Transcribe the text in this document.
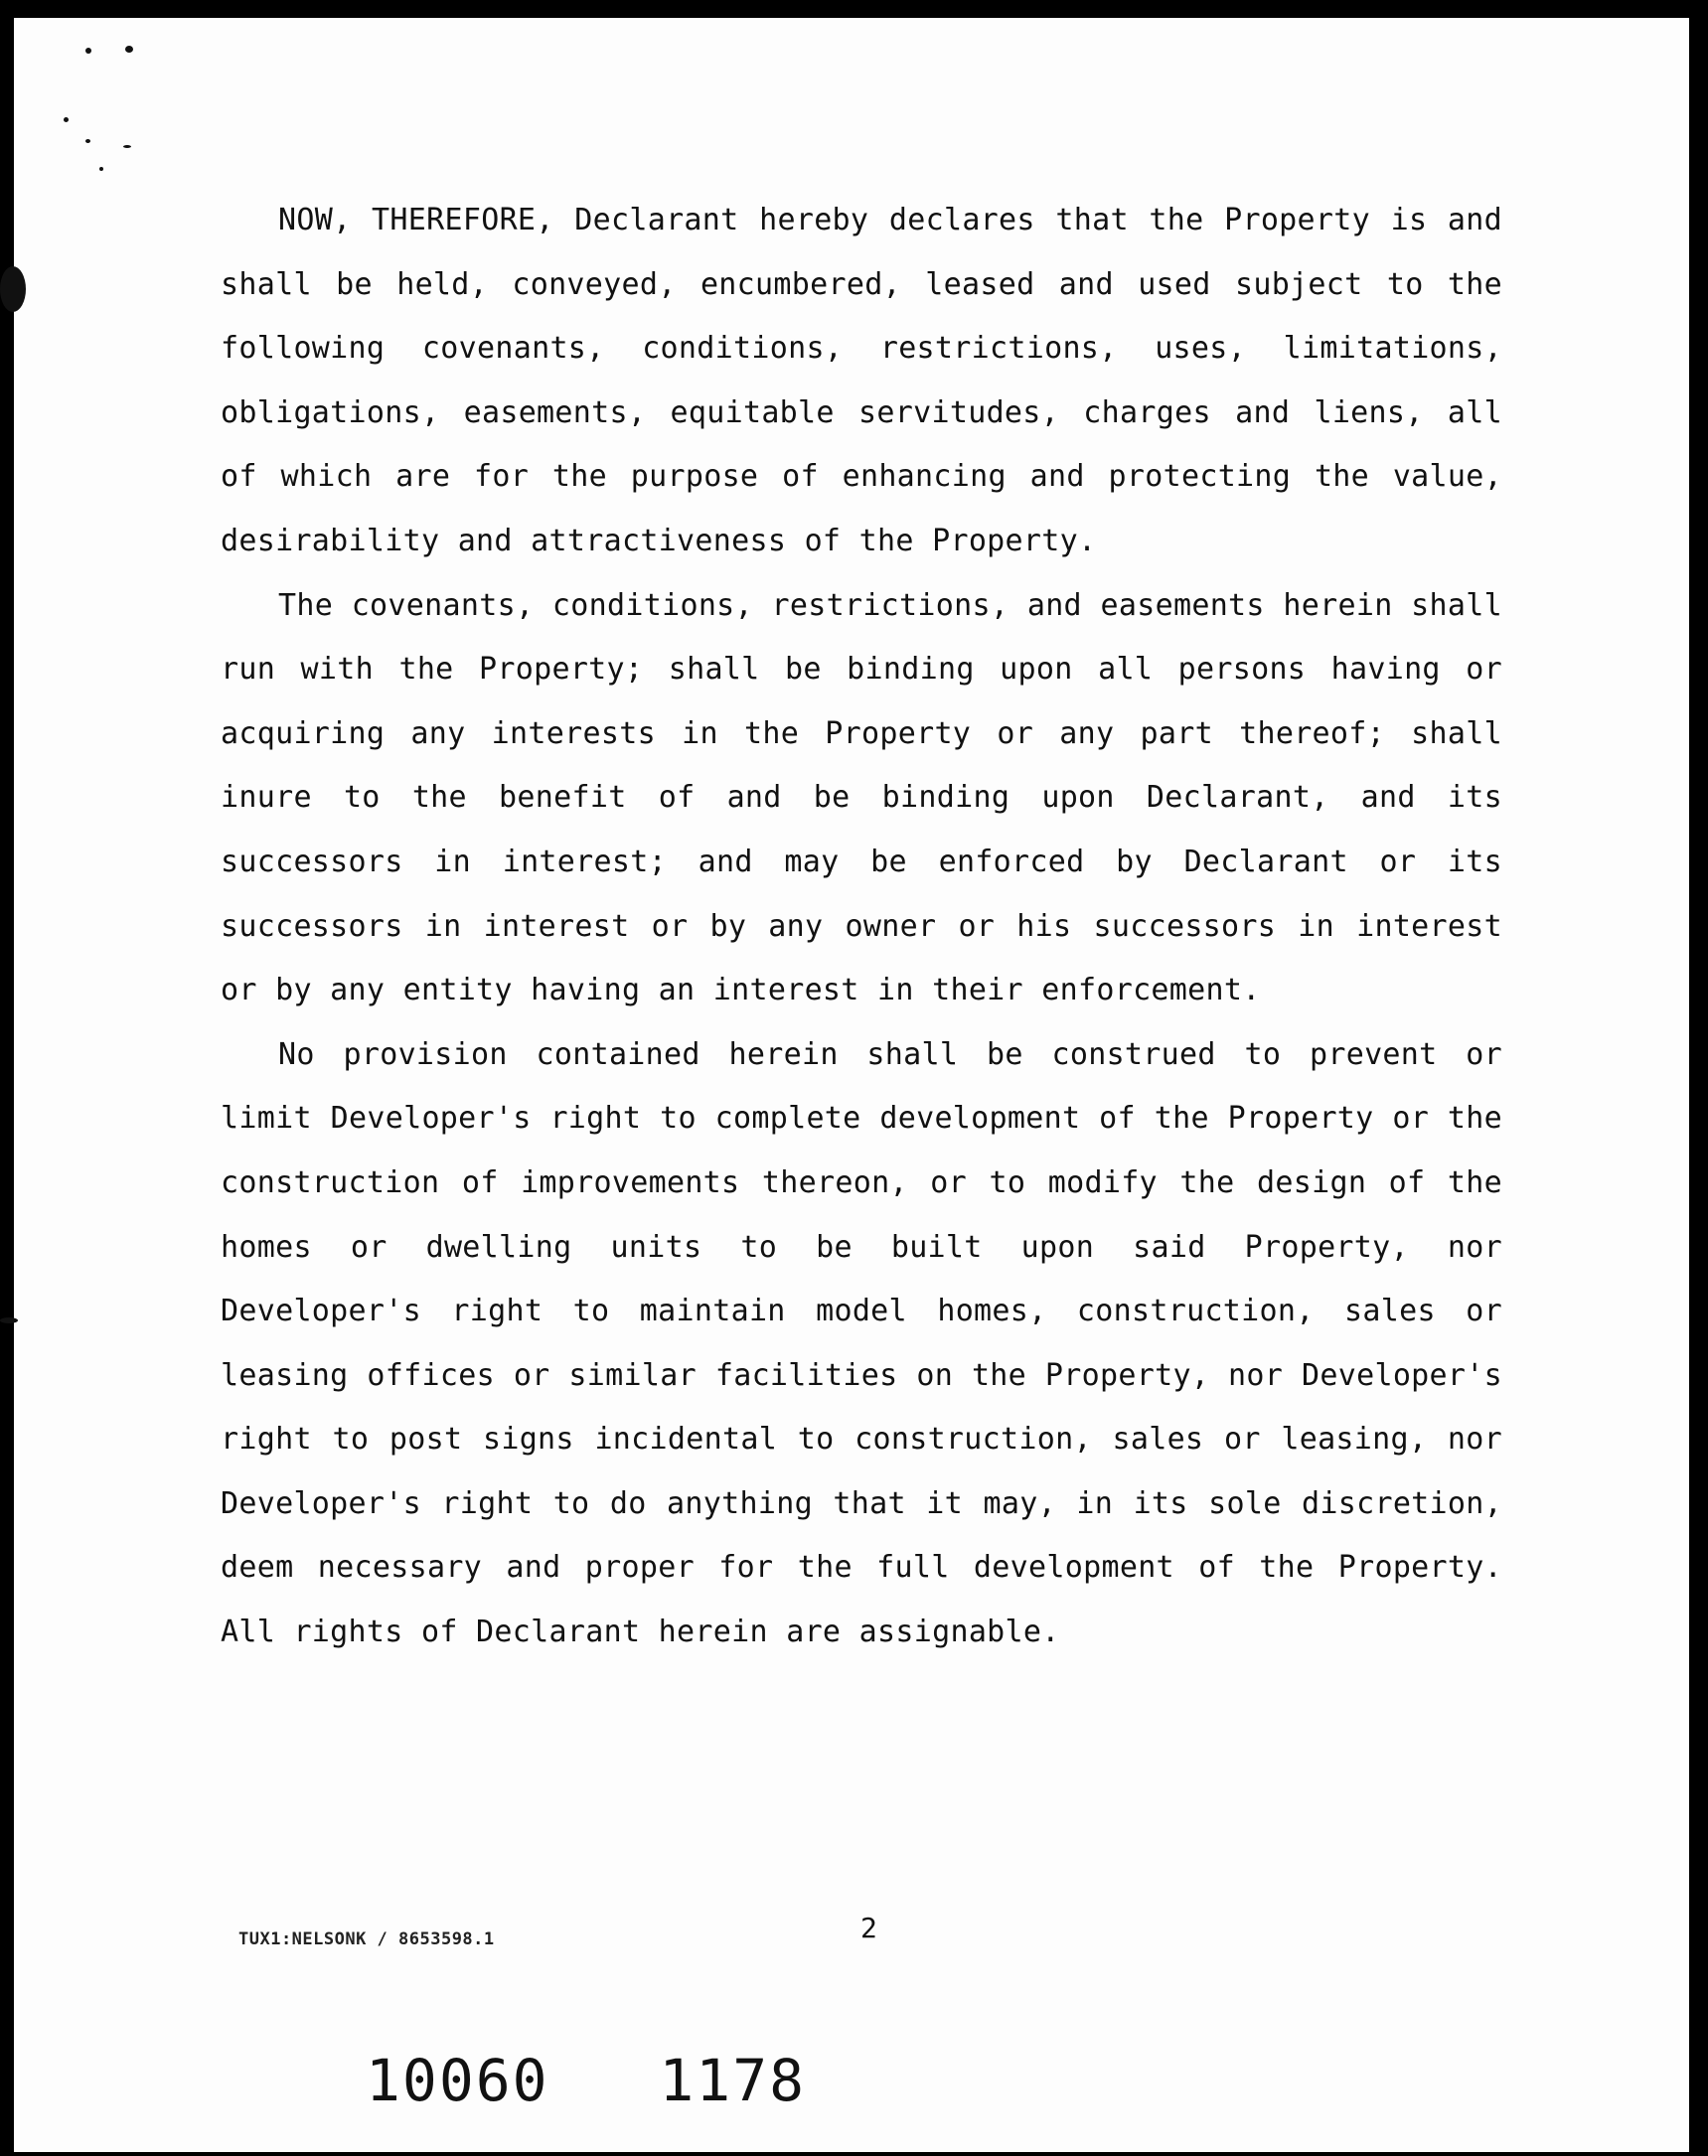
NOW, THEREFORE, Declarant hereby declares that the Property is and shall be held, conveyed, encumbered, leased and used subject to the following covenants, conditions, restrictions, uses, limitations, obligations, easements, equitable servitudes, charges and liens, all of which are for the purpose of enhancing and protecting the value, desirability and attractiveness of the Property.

The covenants, conditions, restrictions, and easements herein shall run with the Property; shall be binding upon all persons having or acquiring any interests in the Property or any part thereof; shall inure to the benefit of and be binding upon Declarant, and its successors in interest; and may be enforced by Declarant or its successors in interest or by any owner or his successors in interest or by any entity having an interest in their enforcement.

No provision contained herein shall be construed to prevent or limit Developer's right to complete development of the Property or the construction of improvements thereon, or to modify the design of the homes or dwelling units to be built upon said Property, nor Developer's right to maintain model homes, construction, sales or leasing offices or similar facilities on the Property, nor Developer's right to post signs incidental to construction, sales or leasing, nor Developer's right to do anything that it may, in its sole discretion, deem necessary and proper for the full development of the Property. All rights of Declarant herein are assignable.

TUX1:NELSONK / 8653598.1	2
10060   1178
